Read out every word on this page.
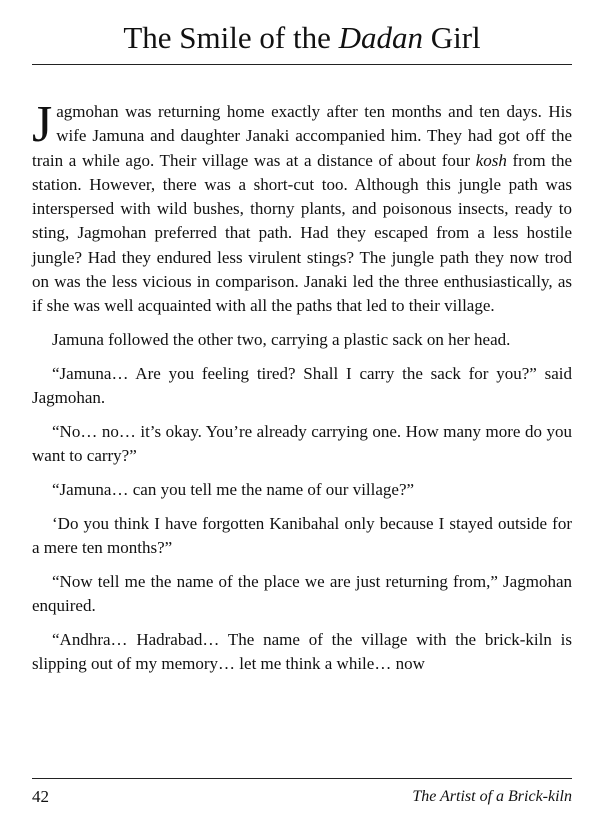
The Smile of the Dadan Girl

Jagmohan was returning home exactly after ten months and ten days. His wife Jamuna and daughter Janaki accompanied him. They had got off the train a while ago. Their village was at a distance of about four kosh from the station. However, there was a short-cut too. Although this jungle path was interspersed with wild bushes, thorny plants, and poisonous insects, ready to sting, Jagmohan preferred that path. Had they escaped from a less hostile jungle? Had they endured less virulent stings? The jungle path they now trod on was the less vicious in comparison. Janaki led the three enthusiastically, as if she was well acquainted with all the paths that led to their village.

Jamuna followed the other two, carrying a plastic sack on her head.

“Jamuna… Are you feeling tired? Shall I carry the sack for you?” said Jagmohan.

“No… no… it’s okay. You’re already carrying one. How many more do you want to carry?”

“Jamuna… can you tell me the name of our village?”

‘Do you think I have forgotten Kanibahal only because I stayed outside for a mere ten months?”

“Now tell me the name of the place we are just returning from,” Jagmohan enquired.

“Andhra… Hadrabad… The name of the village with the brick-kiln is slipping out of my memory… let me think a while… now

42	The Artist of a Brick-kiln
